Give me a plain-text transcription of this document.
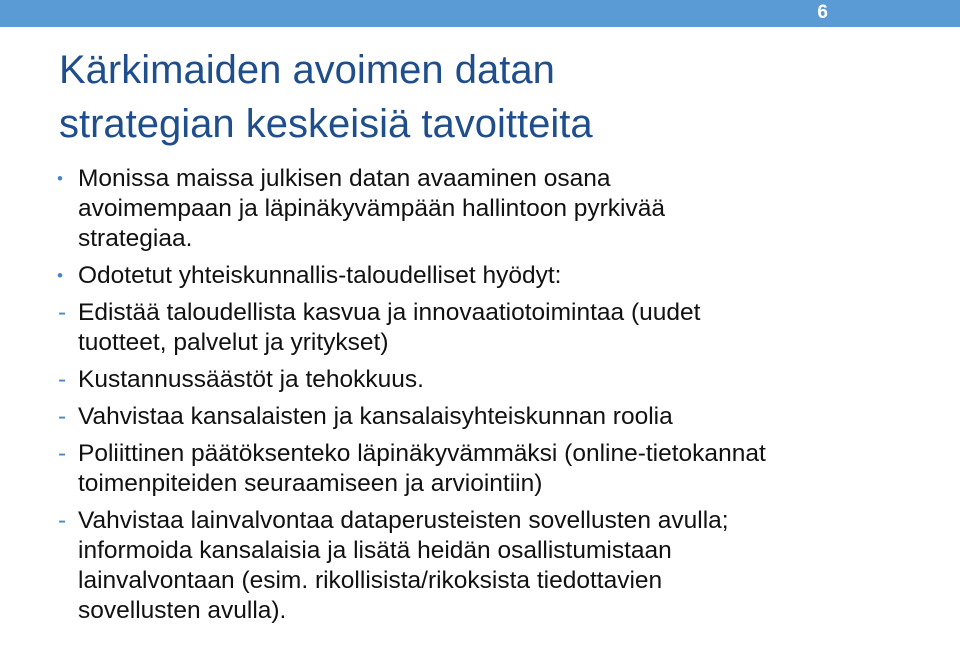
6
Kärkimaiden avoimen datan
strategian keskeisiä tavoitteita
• Monissa maissa julkisen datan avaaminen osana
avoimempaan ja läpinäkyvämpään hallintoon pyrkivää
strategiaa.
• Odotetut yhteiskunnallis-taloudelliset hyödyt:
- Edistää taloudellista kasvua ja innovaatiotoimintaa (uudet
tuotteet, palvelut ja yritykset)
- Kustannussäästöt ja tehokkuus.
- Vahvistaa kansalaisten ja kansalaisyhteiskunnan roolia
- Poliittinen päätöksenteko läpinäkyvämmäksi (online-tietokannat
toimenpiteiden seuraamiseen ja arviointiin)
- Vahvistaa lainvalvontaa dataperusteisten sovellusten avulla;
informoida kansalaisia ja lisätä heidän osallistumistaan
lainvalvontaan (esim. rikollisista/rikoksista tiedottavien
sovellusten avulla).
